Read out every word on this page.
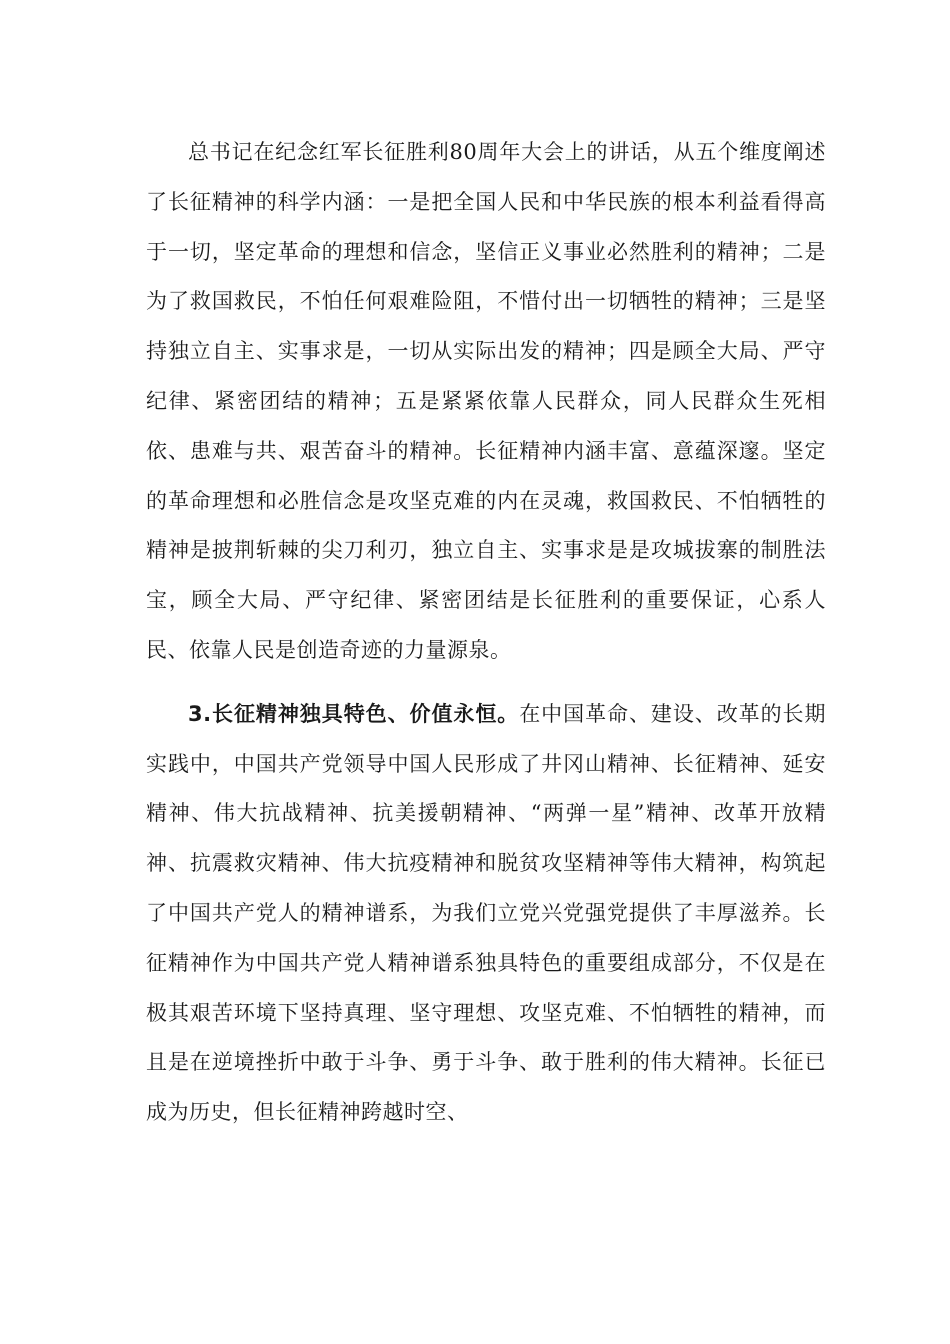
总书记在纪念红军长征胜利80周年大会上的讲话，从五个维度阐述了长征精神的科学内涵：一是把全国人民和中华民族的根本利益看得高于一切，坚定革命的理想和信念，坚信正义事业必然胜利的精神；二是为了救国救民，不怕任何艰难险阻，不惜付出一切牺牲的精神；三是坚持独立自主、实事求是，一切从实际出发的精神；四是顾全大局、严守纪律、紧密团结的精神；五是紧紧依靠人民群众，同人民群众生死相依、患难与共、艰苦奋斗的精神。长征精神内涵丰富、意蕴深邃。坚定的革命理想和必胜信念是攻坚克难的内在灵魂，救国救民、不怕牺牲的精神是披荆斩棘的尖刀利刃，独立自主、实事求是是攻城拔寨的制胜法宝，顾全大局、严守纪律、紧密团结是长征胜利的重要保证，心系人民、依靠人民是创造奇迹的力量源泉。

3.长征精神独具特色、价值永恒。在中国革命、建设、改革的长期实践中，中国共产党领导中国人民形成了井冈山精神、长征精神、延安精神、伟大抗战精神、抗美援朝精神、“两弹一星”精神、改革开放精神、抗震救灾精神、伟大抗疫精神和脱贫攻坚精神等伟大精神，构筑起了中国共产党人的精神谱系，为我们立党兴党强党提供了丰厚滋养。长征精神作为中国共产党人精神谱系独具特色的重要组成部分，不仅是在极其艰苦环境下坚持真理、坚守理想、攻坚克难、不怕牺牲的精神，而且是在逆境挫折中敢于斗争、勇于斗争、敢于胜利的伟大精神。长征已成为历史，但长征精神跨越时空、
